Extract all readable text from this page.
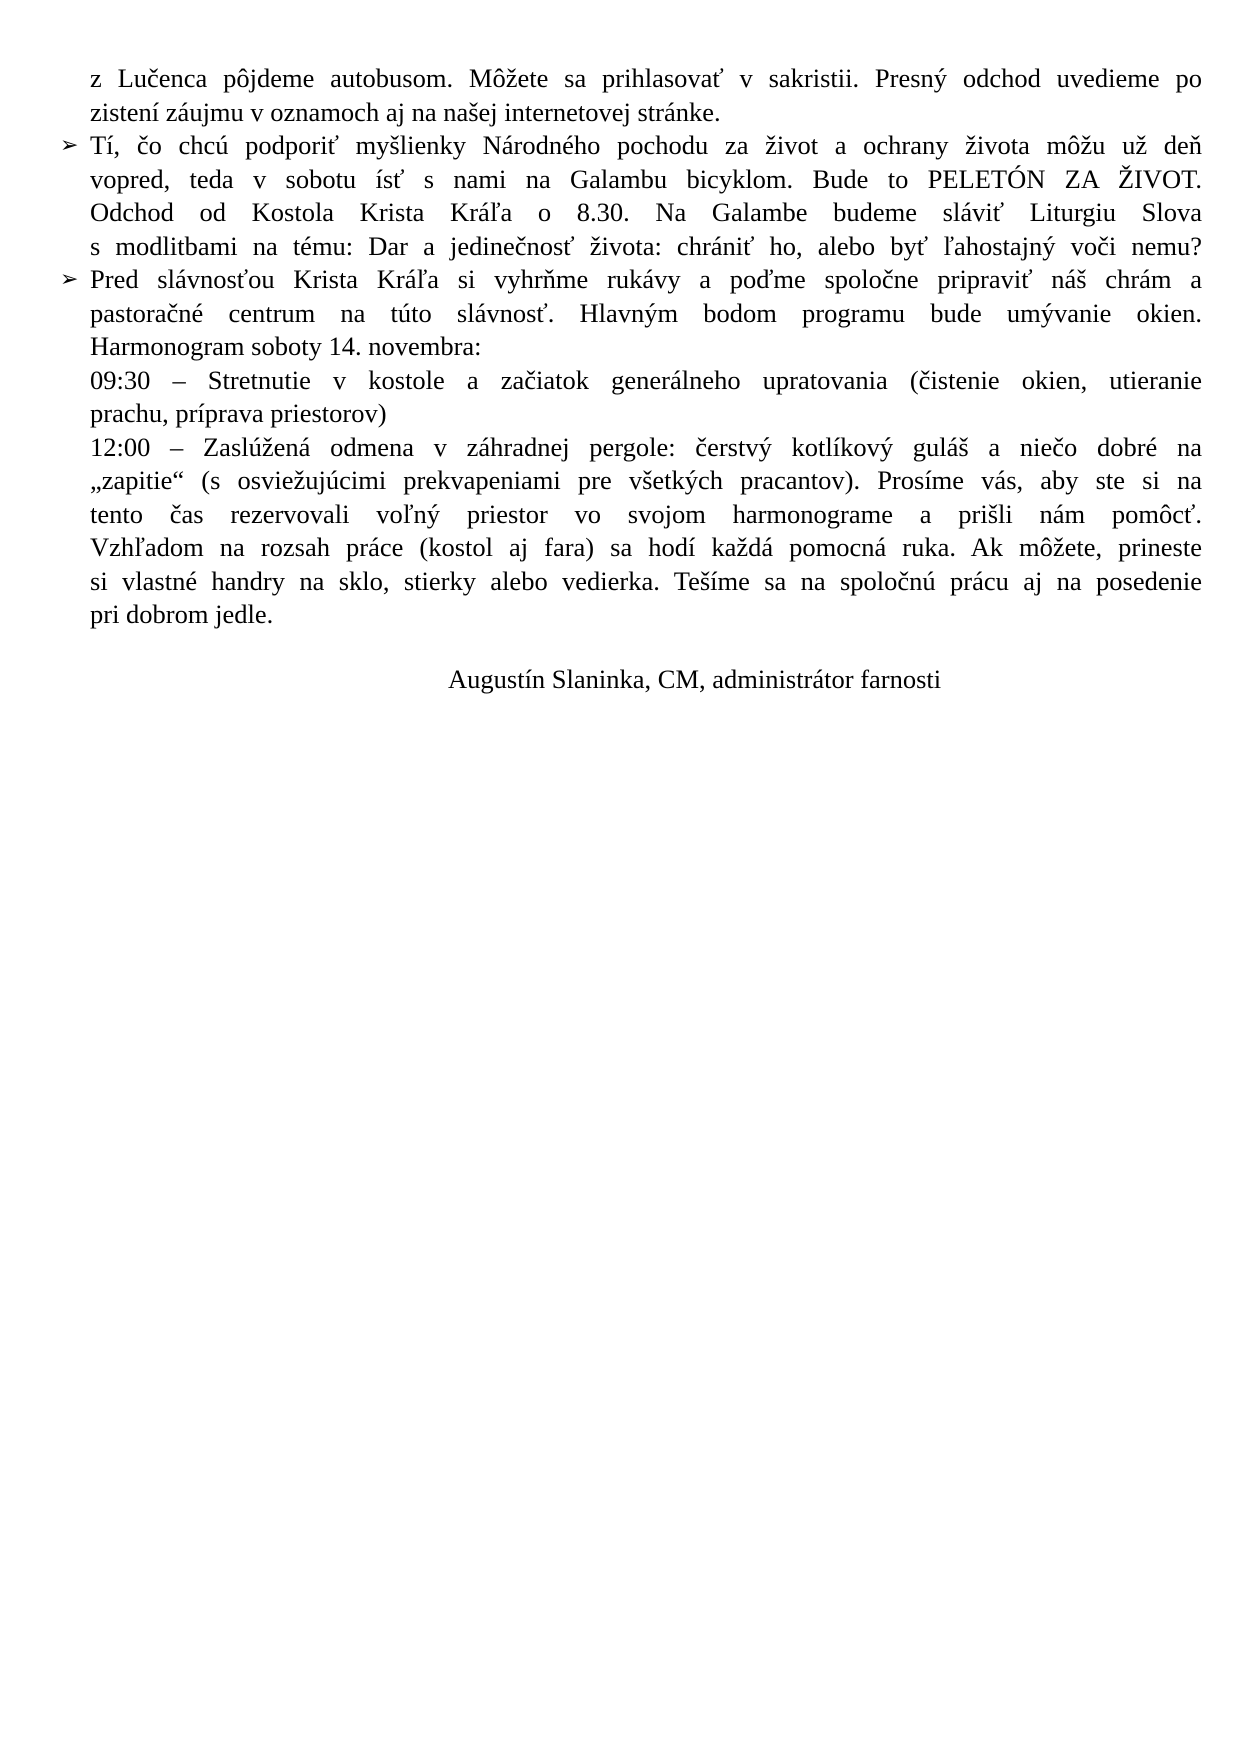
z Lučenca pôjdeme autobusom. Môžete sa prihlasovať v sakristii. Presný odchod uvedieme po
zistení záujmu v oznamoch aj na našej internetovej stránke.
➢ Tí, čo chcú podporiť myšlienky Národného pochodu za život a ochrany života môžu už deň
vopred, teda v sobotu ísť s nami na Galambu bicyklom. Bude to PELETÓN ZA ŽIVOT.
Odchod od Kostola Krista Kráľa o 8.30. Na Galambe budeme sláviť Liturgiu Slova
s modlitbami na tému: Dar a jedinečnosť života: chrániť ho, alebo byť ľahostajný voči nemu?
➢ Pred slávnosťou Krista Kráľa si vyhrňme rukávy a poďme spoločne pripraviť náš chrám a
pastoračné centrum na túto slávnosť. Hlavným bodom programu bude umývanie okien.
Harmonogram soboty 14. novembra:
09:30 – Stretnutie v kostole a začiatok generálneho upratovania (čistenie okien, utieranie
prachu, príprava priestorov)
12:00 – Zaslúžená odmena v záhradnej pergole: čerstvý kotlíkový guláš a niečo dobré na
„zapitie“ (s osviežujúcimi prekvapeniami pre všetkých pracantov). Prosíme vás, aby ste si na
tento čas rezervovali voľný priestor vo svojom harmonograme a prišli nám pomôcť.
Vzhľadom na rozsah práce (kostol aj fara) sa hodí každá pomocná ruka. Ak môžete, prineste
si vlastné handry na sklo, stierky alebo vedierka. Tešíme sa na spoločnú prácu aj na posedenie
pri dobrom jedle.
Augustín Slaninka, CM, administrátor farnosti
